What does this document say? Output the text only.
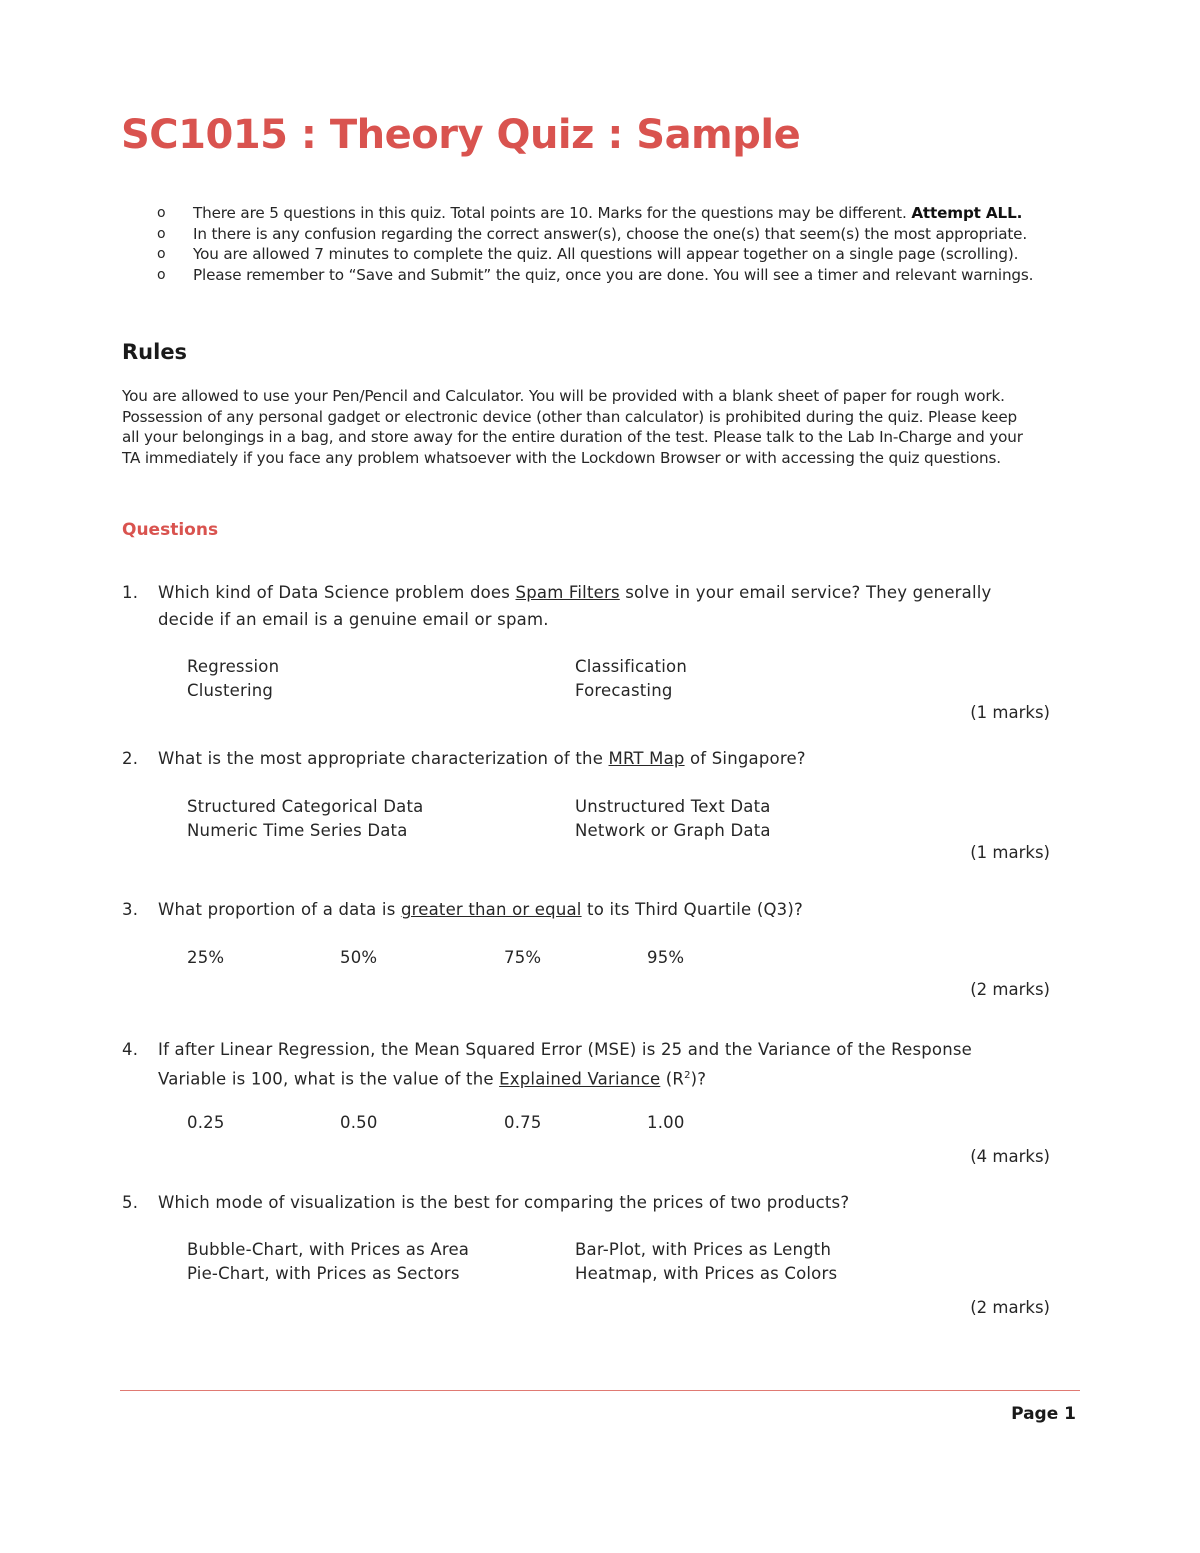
SC1015 : Theory Quiz : Sample
o There are 5 questions in this quiz. Total points are 10. Marks for the questions may be different. Attempt ALL.
o In there is any confusion regarding the correct answer(s), choose the one(s) that seem(s) the most appropriate.
o You are allowed 7 minutes to complete the quiz. All questions will appear together on a single page (scrolling).
o Please remember to “Save and Submit” the quiz, once you are done. You will see a timer and relevant warnings.
Rules

You are allowed to use your Pen/Pencil and Calculator. You will be provided with a blank sheet of paper for rough work.
Possession of any personal gadget or electronic device (other than calculator) is prohibited during the quiz. Please keep
all your belongings in a bag, and store away for the entire duration of the test. Please talk to the Lab In-Charge and your
TA immediately if you face any problem whatsoever with the Lockdown Browser or with accessing the quiz questions.

Questions
1. Which kind of Data Science problem does Spam Filters solve in your email service? They generally
decide if an email is a genuine email or spam.
Regression	Classification
Clustering	Forecasting
(1 marks)
2. What is the most appropriate characterization of the MRT Map of Singapore?
Structured Categorical Data	Unstructured Text Data
Numeric Time Series Data	Network or Graph Data
(1 marks)
3. What proportion of a data is greater than or equal to its Third Quartile (Q3)?
25%	50%	75%	95%
(2 marks)
4. If after Linear Regression, the Mean Squared Error (MSE) is 25 and the Variance of the Response
Variable is 100, what is the value of the Explained Variance $(R^2)$?
0.25	0.50	0.75	1.00
(4 marks)
5. Which mode of visualization is the best for comparing the prices of two products?
Bubble-Chart, with Prices as Area	Bar-Plot, with Prices as Length
Pie-Chart, with Prices as Sectors	Heatmap, with Prices as Colors
(2 marks)
Page 1
